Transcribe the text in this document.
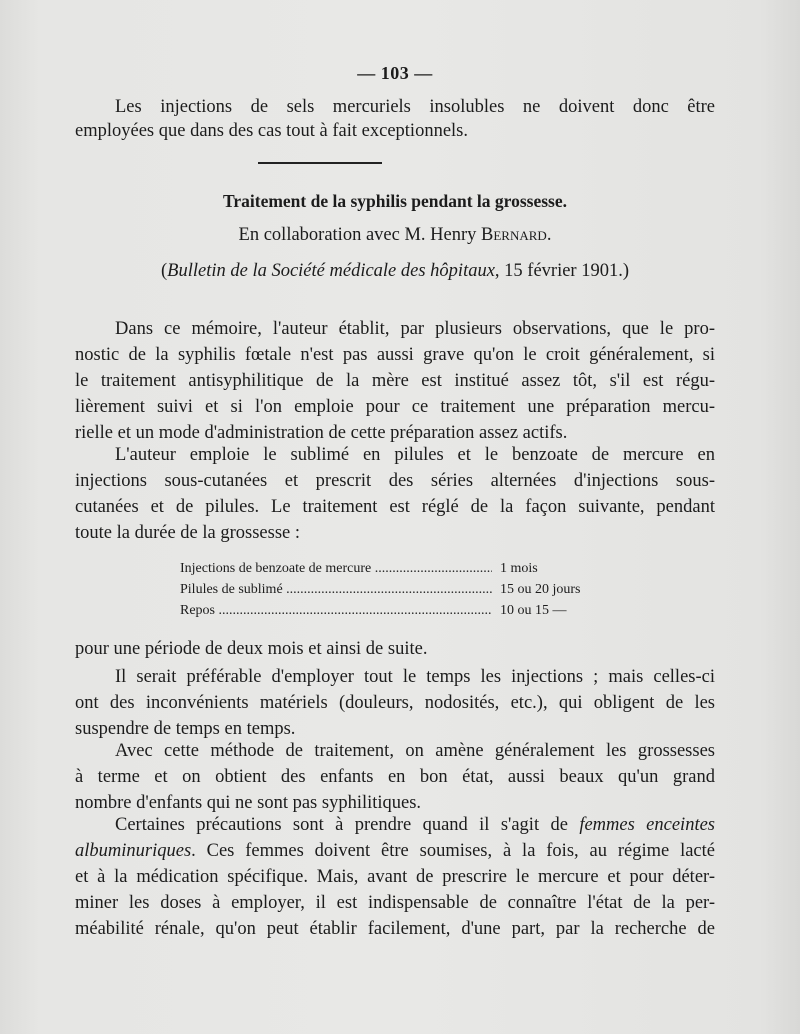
— 103 —
Les injections de sels mercuriels insolubles ne doivent donc être
employées que dans des cas tout à fait exceptionnels.
Traitement de la syphilis pendant la grossesse.
En collaboration avec M. Henry Bernard.
(Bulletin de la Société médicale des hôpitaux, 15 février 1901.)
Dans ce mémoire, l'auteur établit, par plusieurs observations, que le pro-
nostic de la syphilis fœtale n'est pas aussi grave qu'on le croit généralement, si
le traitement antisyphilitique de la mère est institué assez tôt, s'il est régu-
lièrement suivi et si l'on emploie pour ce traitement une préparation mercu-
rielle et un mode d'administration de cette préparation assez actifs.
L'auteur emploie le sublimé en pilules et le benzoate de mercure en
injections sous-cutanées et prescrit des séries alternées d'injections sous-
cutanées et de pilules. Le traitement est réglé de la façon suivante, pendant
toute la durée de la grossesse :
Injections de benzoate de mercure .....	1 mois
Pilules de sublimé .....	15 ou 20 jours
Repos .....	10 ou 15 —
pour une période de deux mois et ainsi de suite.
Il serait préférable d'employer tout le temps les injections ; mais celles-ci
ont des inconvénients matériels (douleurs, nodosités, etc.), qui obligent de les
suspendre de temps en temps.
Avec cette méthode de traitement, on amène généralement les grossesses
à terme et on obtient des enfants en bon état, aussi beaux qu'un grand
nombre d'enfants qui ne sont pas syphilitiques.
Certaines précautions sont à prendre quand il s'agit de femmes enceintes
albuminuriques. Ces femmes doivent être soumises, à la fois, au régime lacté
et à la médication spécifique. Mais, avant de prescrire le mercure et pour déter-
miner les doses à employer, il est indispensable de connaître l'état de la per-
méabilité rénale, qu'on peut établir facilement, d'une part, par la recherche de
